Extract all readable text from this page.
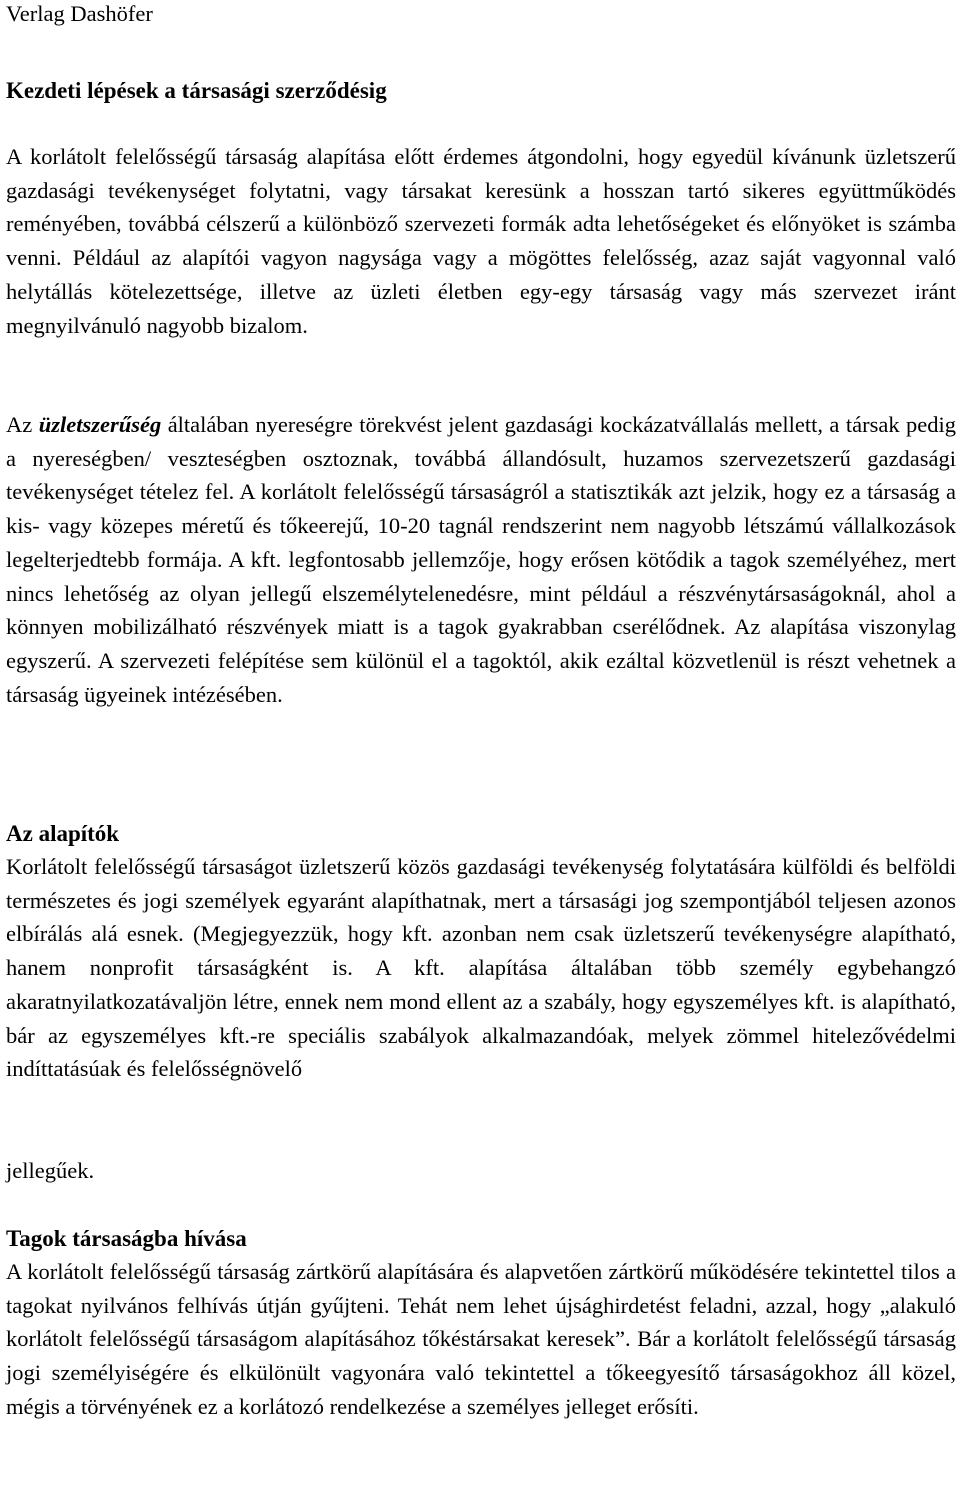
Verlag Dashöfer
Kezdeti lépések a társasági szerződésig

A korlátolt felelősségű társaság alapítása előtt érdemes átgondolni, hogy egyedül kívánunk üzletszerű gazdasági tevékenységet folytatni, vagy társakat keresünk a hosszan tartó sikeres együttműködés reményében, továbbá célszerű a különböző szervezeti formák adta lehetőségeket és előnyöket is számba venni. Például az alapítói vagyon nagysága vagy a mögöttes felelősség, azaz saját vagyonnal való helytállás kötelezettsége, illetve az üzleti életben egy-egy társaság vagy más szervezet iránt megnyilvánuló nagyobb bizalom.

Az üzletszerűség általában nyereségre törekvést jelent gazdasági kockázatvállalás mellett, a társak pedig a nyereségben/ veszteségben osztoznak, továbbá állandósult, huzamos szervezetszerű gazdasági tevékenységet tételez fel. A korlátolt felelősségű társaságról a statisztikák azt jelzik, hogy ez a társaság a kis- vagy közepes méretű és tőkeerejű, 10-20 tagnál rendszerint nem nagyobb létszámú vállalkozások legelterjedtebb formája. A kft. legfontosabb jellemzője, hogy erősen kötődik a tagok személyéhez, mert nincs lehetőség az olyan jellegű elszemélytelenedésre, mint például a részvénytársaságoknál, ahol a könnyen mobilizálható részvények miatt is a tagok gyakrabban cserélődnek. Az alapítása viszonylag egyszerű. A szervezeti felépítése sem különül el a tagoktól, akik ezáltal közvetlenül is részt vehetnek a társaság ügyeinek intézésében.

Az alapítók

Korlátolt felelősségű társaságot üzletszerű közös gazdasági tevékenység folytatására külföldi és belföldi természetes és jogi személyek egyaránt alapíthatnak, mert a társasági jog szempontjából teljesen azonos elbírálás alá esnek. (Megjegyezzük, hogy kft. azonban nem csak üzletszerű tevékenységre alapítható, hanem nonprofit társaságként is. A kft. alapítása általában több személy egybehangzó akaratnyilatkozatávaljön létre, ennek nem mond ellent az a szabály, hogy egyszemélyes kft. is alapítható, bár az egyszemélyes kft.-re speciális szabályok alkalmazandóak, melyek zömmel hitelezővédelmi indíttatásúak és felelősségnövelő

jellegűek.

Tagok társaságba hívása

A korlátolt felelősségű társaság zártkörű alapítására és alapvetően zártkörű működésére tekintettel tilos a tagokat nyilvános felhívás útján gyűjteni. Tehát nem lehet újsághirdetést feladni, azzal, hogy „alakuló korlátolt felelősségű társaságom alapításához tőkéstársakat keresek”. Bár a korlátolt felelősségű társaság jogi személyiségére és elkülönült vagyonára való tekintettel a tőkeegyesítő társaságokhoz áll közel, mégis a törvényének ez a korlátozó rendelkezése a személyes jelleget erősíti.
